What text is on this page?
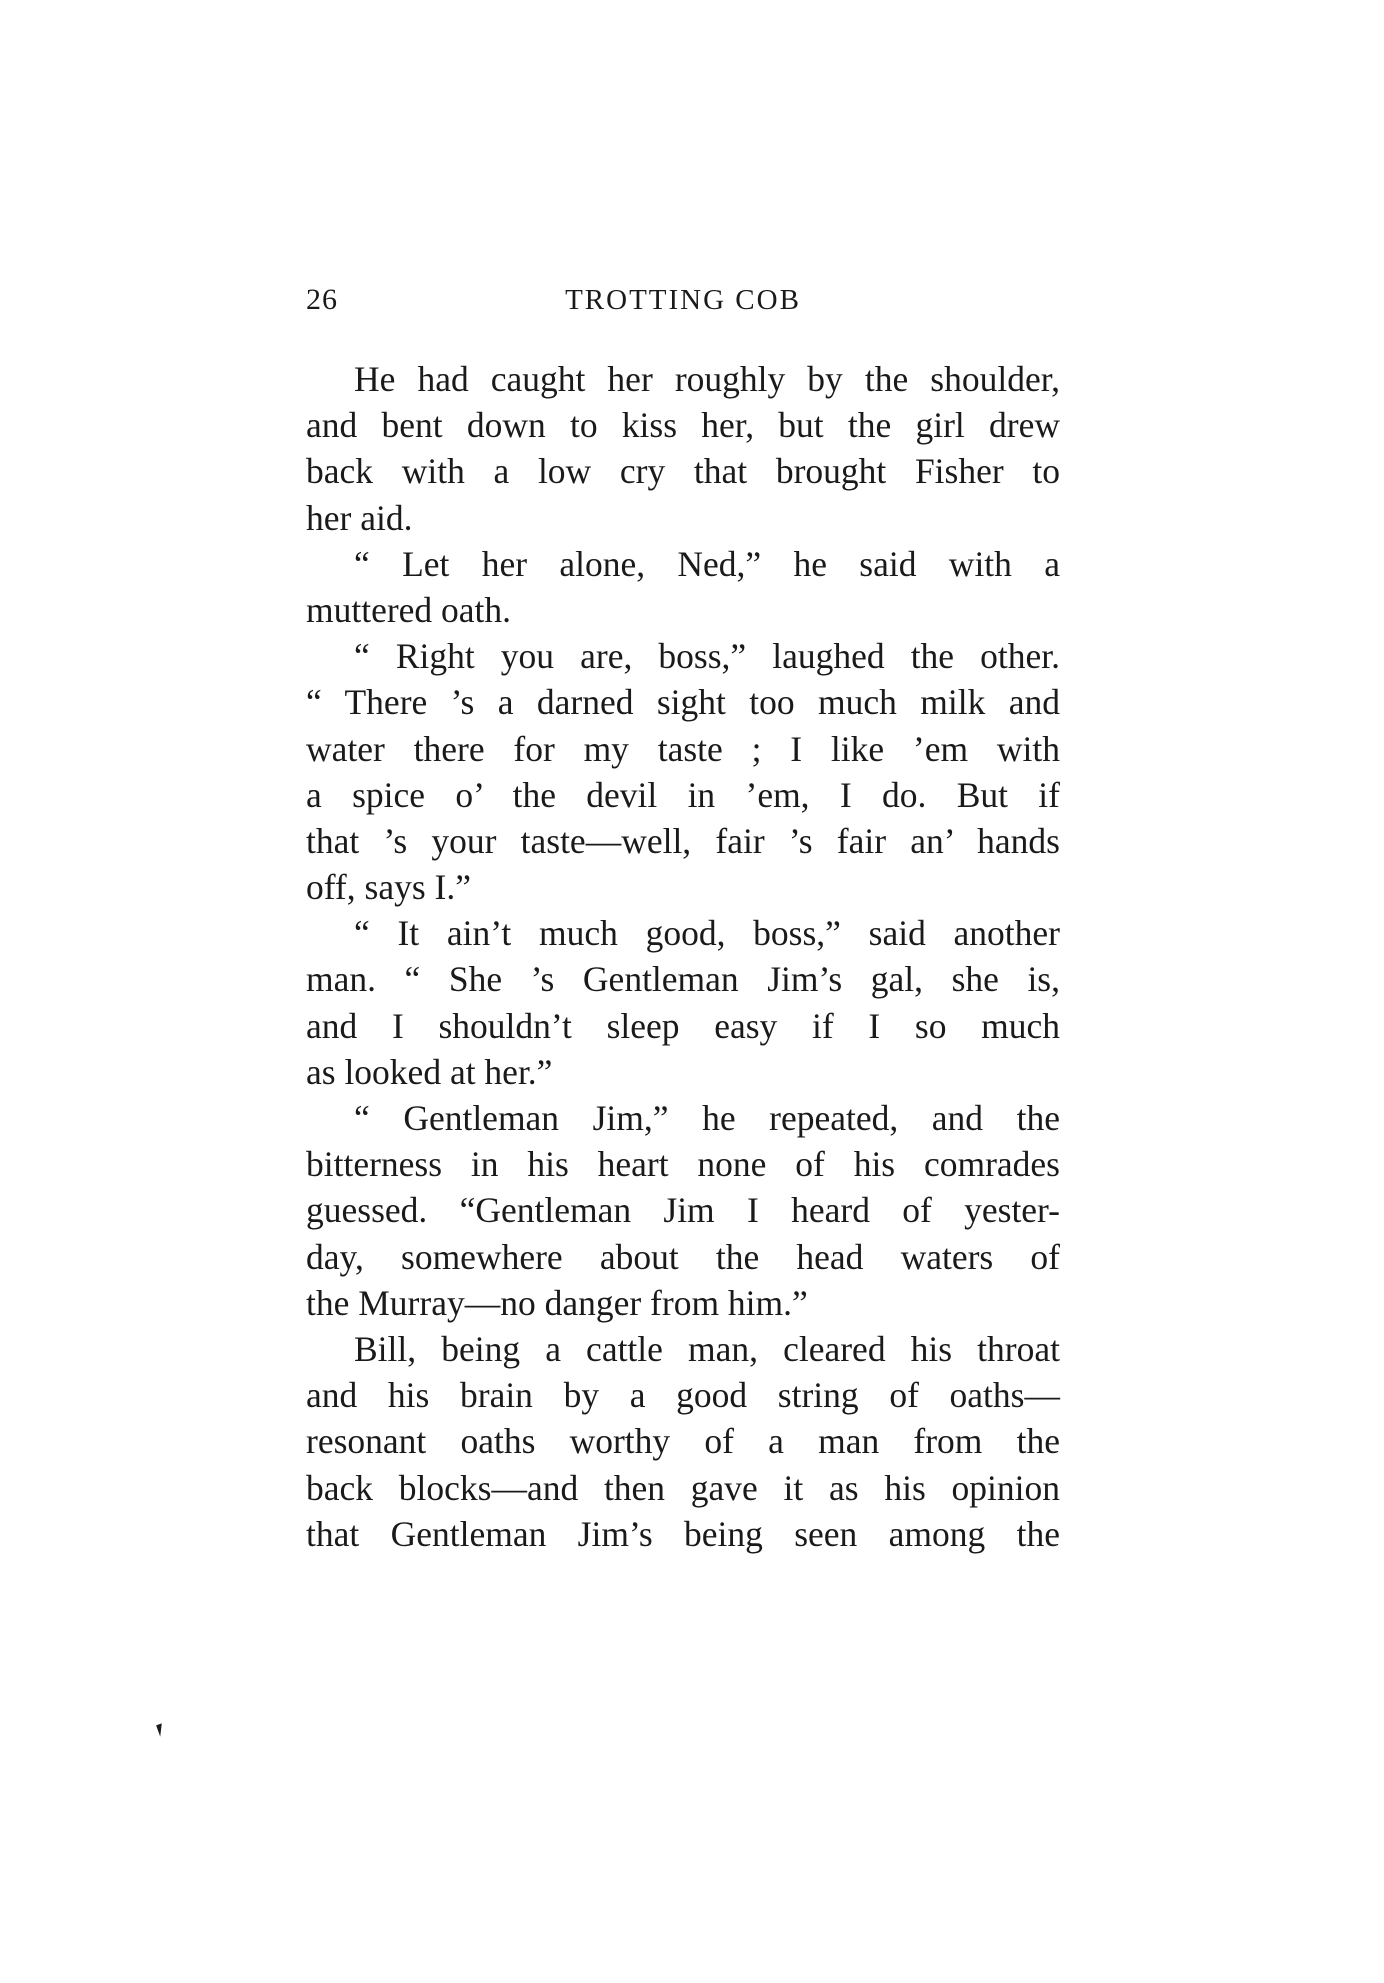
26	TROTTING COB

He had caught her roughly by the shoulder,
and bent down to kiss her, but the girl drew
back with a low cry that brought Fisher to
her aid.

“ Let her alone, Ned,” he said with a
muttered oath.

“ Right you are, boss,” laughed the other.
“ There ’s a darned sight too much milk and
water there for my taste ; I like ’em with
a spice o’ the devil in ’em, I do. But if
that ’s your taste—well, fair ’s fair an’ hands
off, says I.”

“ It ain’t much good, boss,” said another
man. “ She ’s Gentleman Jim’s gal, she is,
and I shouldn’t sleep easy if I so much
as looked at her.”

“ Gentleman Jim,” he repeated, and the
bitterness in his heart none of his comrades
guessed. “Gentleman Jim I heard of yester-
day, somewhere about the head waters of
the Murray—no danger from him.”

Bill, being a cattle man, cleared his throat
and his brain by a good string of oaths—
resonant oaths worthy of a man from the
back blocks—and then gave it as his opinion
that Gentleman Jim’s being seen among the
